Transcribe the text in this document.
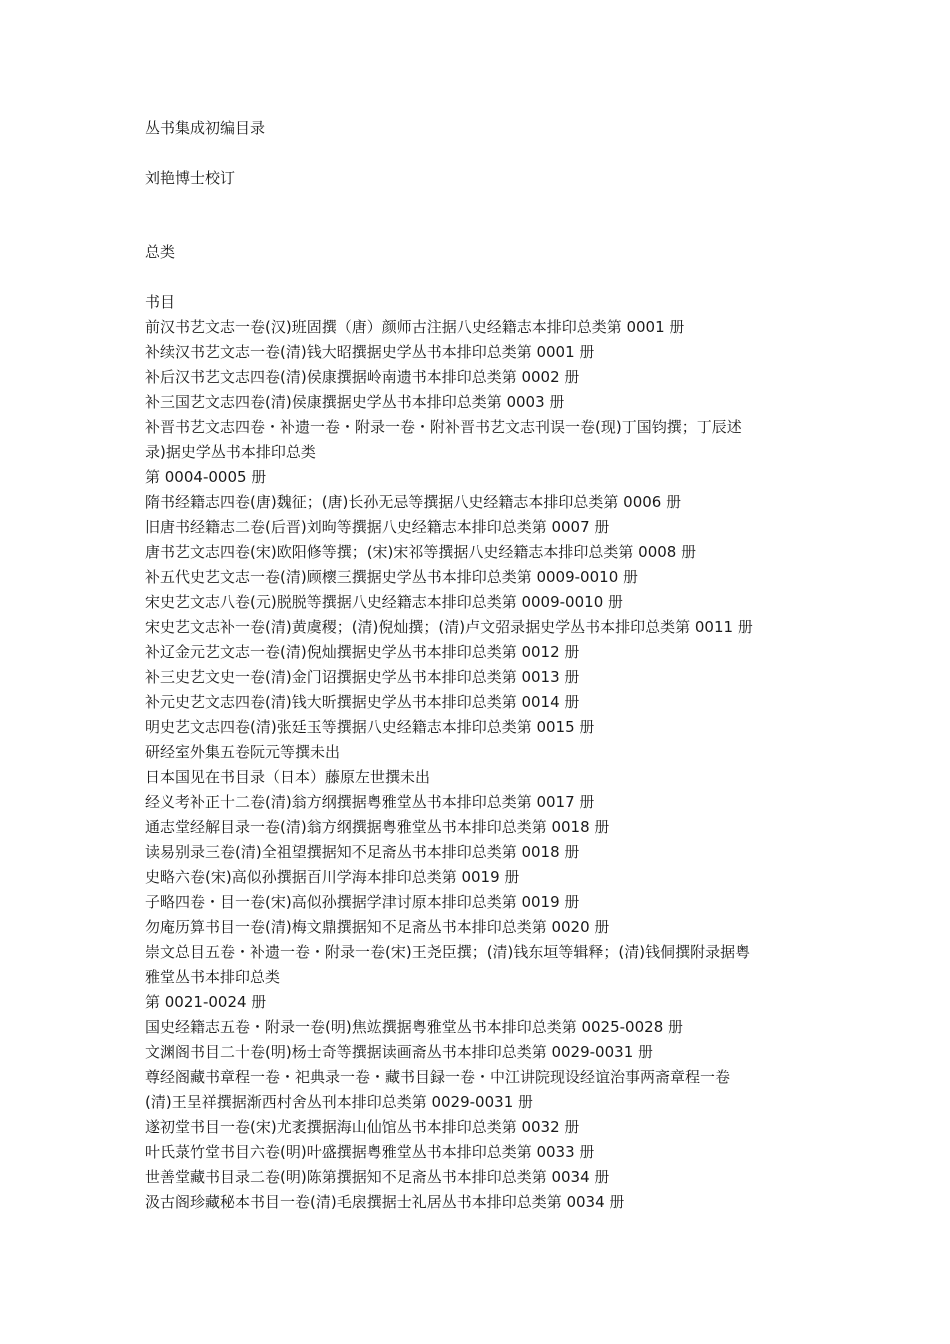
丛书集成初编目录

刘艳博士校订

总类

书目

前汉书艺文志一卷(汉)班固撰（唐）颜师古注据八史经籍志本排印总类第 0001 册

补续汉书艺文志一卷(清)钱大昭撰据史学丛书本排印总类第 0001 册

补后汉书艺文志四卷(清)侯康撰据岭南遗书本排印总类第 0002 册

补三国艺文志四卷(清)侯康撰据史学丛书本排印总类第 0003 册

补晋书艺文志四卷・补遗一卷・附录一卷・附补晋书艺文志刊误一卷(现)丁国钧撰；丁辰述

录)据史学丛书本排印总类

第 0004-0005 册

隋书经籍志四卷(唐)魏征；(唐)长孙无忌等撰据八史经籍志本排印总类第 0006 册

旧唐书经籍志二卷(后晋)刘昫等撰据八史经籍志本排印总类第 0007 册

唐书艺文志四卷(宋)欧阳修等撰；(宋)宋祁等撰据八史经籍志本排印总类第 0008 册

补五代史艺文志一卷(清)顾櫰三撰据史学丛书本排印总类第 0009-0010 册

宋史艺文志八卷(元)脱脱等撰据八史经籍志本排印总类第 0009-0010 册

宋史艺文志补一卷(清)黄虞稷；(清)倪灿撰；(清)卢文弨录据史学丛书本排印总类第 0011 册

补辽金元艺文志一卷(清)倪灿撰据史学丛书本排印总类第 0012 册

补三史艺文史一卷(清)金门诏撰据史学丛书本排印总类第 0013 册

补元史艺文志四卷(清)钱大昕撰据史学丛书本排印总类第 0014 册

明史艺文志四卷(清)张廷玉等撰据八史经籍志本排印总类第 0015 册

研经室外集五卷阮元等撰未出

日本国见在书目录（日本）藤原左世撰未出

经义考补正十二卷(清)翁方纲撰据粤雅堂丛书本排印总类第 0017 册

通志堂经解目录一卷(清)翁方纲撰据粤雅堂丛书本排印总类第 0018 册

读易别录三卷(清)全祖望撰据知不足斋丛书本排印总类第 0018 册

史略六卷(宋)高似孙撰据百川学海本排印总类第 0019 册

子略四卷・目一卷(宋)高似孙撰据学津讨原本排印总类第 0019 册

勿庵历算书目一卷(清)梅文鼎撰据知不足斋丛书本排印总类第 0020 册

崇文总目五卷・补遗一卷・附录一卷(宋)王尧臣撰；(清)钱东垣等辑释；(清)钱侗撰附录据粤

雅堂丛书本排印总类

第 0021-0024 册

国史经籍志五卷・附录一卷(明)焦竑撰据粤雅堂丛书本排印总类第 0025-0028 册

文渊阁书目二十卷(明)杨士奇等撰据读画斋丛书本排印总类第 0029-0031 册

尊经阁藏书章程一卷・祀典录一卷・藏书目録一卷・中江讲院现设经谊治事两斋章程一卷

(清)王呈祥撰据渐西村舍丛刊本排印总类第 0029-0031 册

遂初堂书目一卷(宋)尤袤撰据海山仙馆丛书本排印总类第 0032 册

叶氏菉竹堂书目六卷(明)叶盛撰据粤雅堂丛书本排印总类第 0033 册

世善堂藏书目录二卷(明)陈第撰据知不足斋丛书本排印总类第 0034 册

汲古阁珍藏秘本书目一卷(清)毛扆撰据士礼居丛书本排印总类第 0034 册
